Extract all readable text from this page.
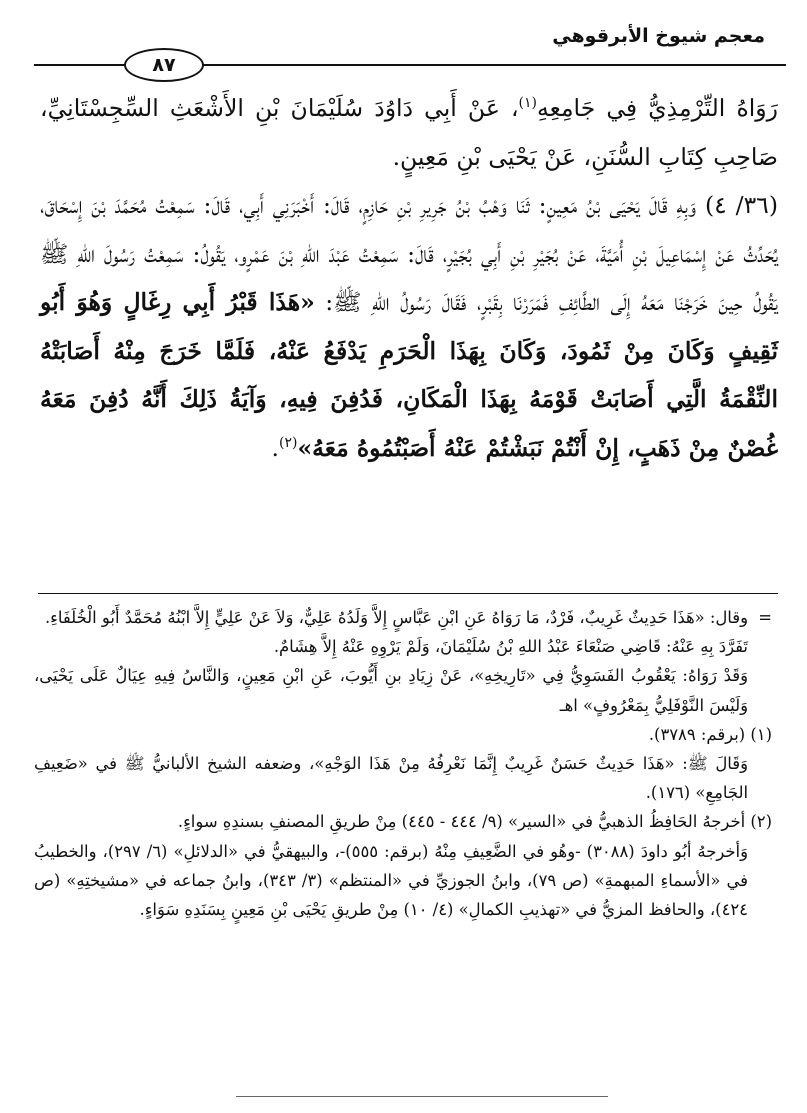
معجم شيوخ الأبرقوهي
٨٧

رَوَاهُ التِّرْمِذِيُّ فِي جَامِعِهِ$^{(١)}$، عَنْ أَبِي دَاوُدَ سُلَيْمَانَ بْنِ الأَشْعَثِ السِّجِسْتَانِيِّ، صَاحِبِ كِتَابِ السُّنَنِ، عَنْ يَحْيَى بْنِ مَعِينٍ.

(٣٦/ ٤) وَبِهِ قَالَ يَحْيَى بْنُ مَعِينٍ: ثَنَا وَهْبُ بْنُ جَرِيرِ بْنِ حَازِمٍ، قَالَ: أَخْبَرَنِي أَبِي، قَالَ: سَمِعْتُ مُحَمَّدَ بْنَ إِسْحَاقَ، يُحَدِّثُ عَنْ إِسْمَاعِيلَ بْنِ أُمَيَّةَ، عَنْ بُجَيْرِ بْنِ أَبِي بُجَيْرٍ، قَالَ: سَمِعْتُ عَبْدَ اللهِ بْنَ عَمْرٍو، يَقُولُ: سَمِعْتُ رَسُولَ اللهِ ﷺ يَقُولُ حِينَ خَرَجْنَا مَعَهُ إِلَى الطَّائِفِ فَمَرَرْنَا بِقَبْرٍ، فَقَالَ رَسُولُ اللهِ ﷺ: «هَذَا قَبْرُ أَبِي رِغَالٍ وَهُوَ أَبُو ثَقِيفٍ وَكَانَ مِنْ ثَمُودَ، وَكَانَ بِهَذَا الْحَرَمِ يَدْفَعُ عَنْهُ، فَلَمَّا خَرَجَ مِنْهُ أَصَابَتْهُ النِّقْمَةُ الَّتِي أَصَابَتْ قَوْمَهُ بِهَذَا الْمَكَانِ، فَدُفِنَ فِيهِ، وَآيَةُ ذَلِكَ أَنَّهُ دُفِنَ مَعَهُ غُصْنٌ مِنْ ذَهَبٍ، إِنْ أَنْتُمْ نَبَشْتُمْ عَنْهُ أَصَبْتُمُوهُ مَعَهُ»$^{(٢)}$.

=
وقال: «هَذَا حَدِيثٌ غَرِيبٌ، فَرْدٌ، مَا رَوَاهُ عَنِ ابْنِ عَبَّاسٍ إِلاَّ وَلَدُهُ عَلِيٌّ، وَلاَ عَنْ عَلِيٍّ إِلاَّ ابْنُهُ مُحَمَّدٌ أَبُو الْخُلَفَاءِ.

تَفَرَّدَ بِهِ عَنْهُ: قَاضِي صَنْعَاءَ عَبْدُ اللهِ بْنُ سُلَيْمَانَ، وَلَمْ يَرْوِهِ عَنْهُ إِلاَّ هِشَامٌ.

وَقَدْ رَوَاهُ: يَعْقُوبُ الفَسَوِيُّ فِي «تَارِيخِهِ»، عَنْ زِيَادِ بنِ أَيُّوبَ، عَنِ ابْنِ مَعِينٍ، وَالنَّاسُ فِيهِ عِيَالٌ عَلَى يَحْيَى، وَلَيْسَ النَّوْفَلِيُّ بِمَعْرُوفٍ» اهـ

(١) (برقم: ٣٧٨٩).

وَقَالَ ﷺ: «هَذَا حَدِيثٌ حَسَنٌ غَرِيبٌ إِنَّمَا نَعْرِفُهُ مِنْ هَذَا الوَجْهِ»، وضعفه الشيخ الألبانيُّ ﷺ في «ضَعِيفِ الجَامِعِ» (١٧٦).

(٢) أخرجهُ الحَافِظُ الذهبيُّ في «السير» (٩/ ٤٤٤ - ٤٤٥) مِنْ طريقِ المصنفِ بسندِهِ سواءٍ.

وَأخرجهُ أبُو داودَ (٣٠٨٨) -وهُو في الضَّعِيفِ مِنْهُ (برقم: ٥٥٥)-، والبيهقيُّ في «الدلائلِ» (٦/ ٢٩٧)، والخطيبُ في «الأسماءِ المبهمةِ» (ص ٧٩)، وابنُ الجوزيِّ في «المنتظم» (٣/ ٣٤٣)، وابنُ جماعه في «مشيختِهِ» (ص ٤٢٤)، والحافظ المزيُّ في «تهذيبِ الكمالِ» (٤/ ١٠) مِنْ طريقِ يَحْيَى بْنِ مَعِينٍ بِسَنَدِهِ سَوَاءٍ.
